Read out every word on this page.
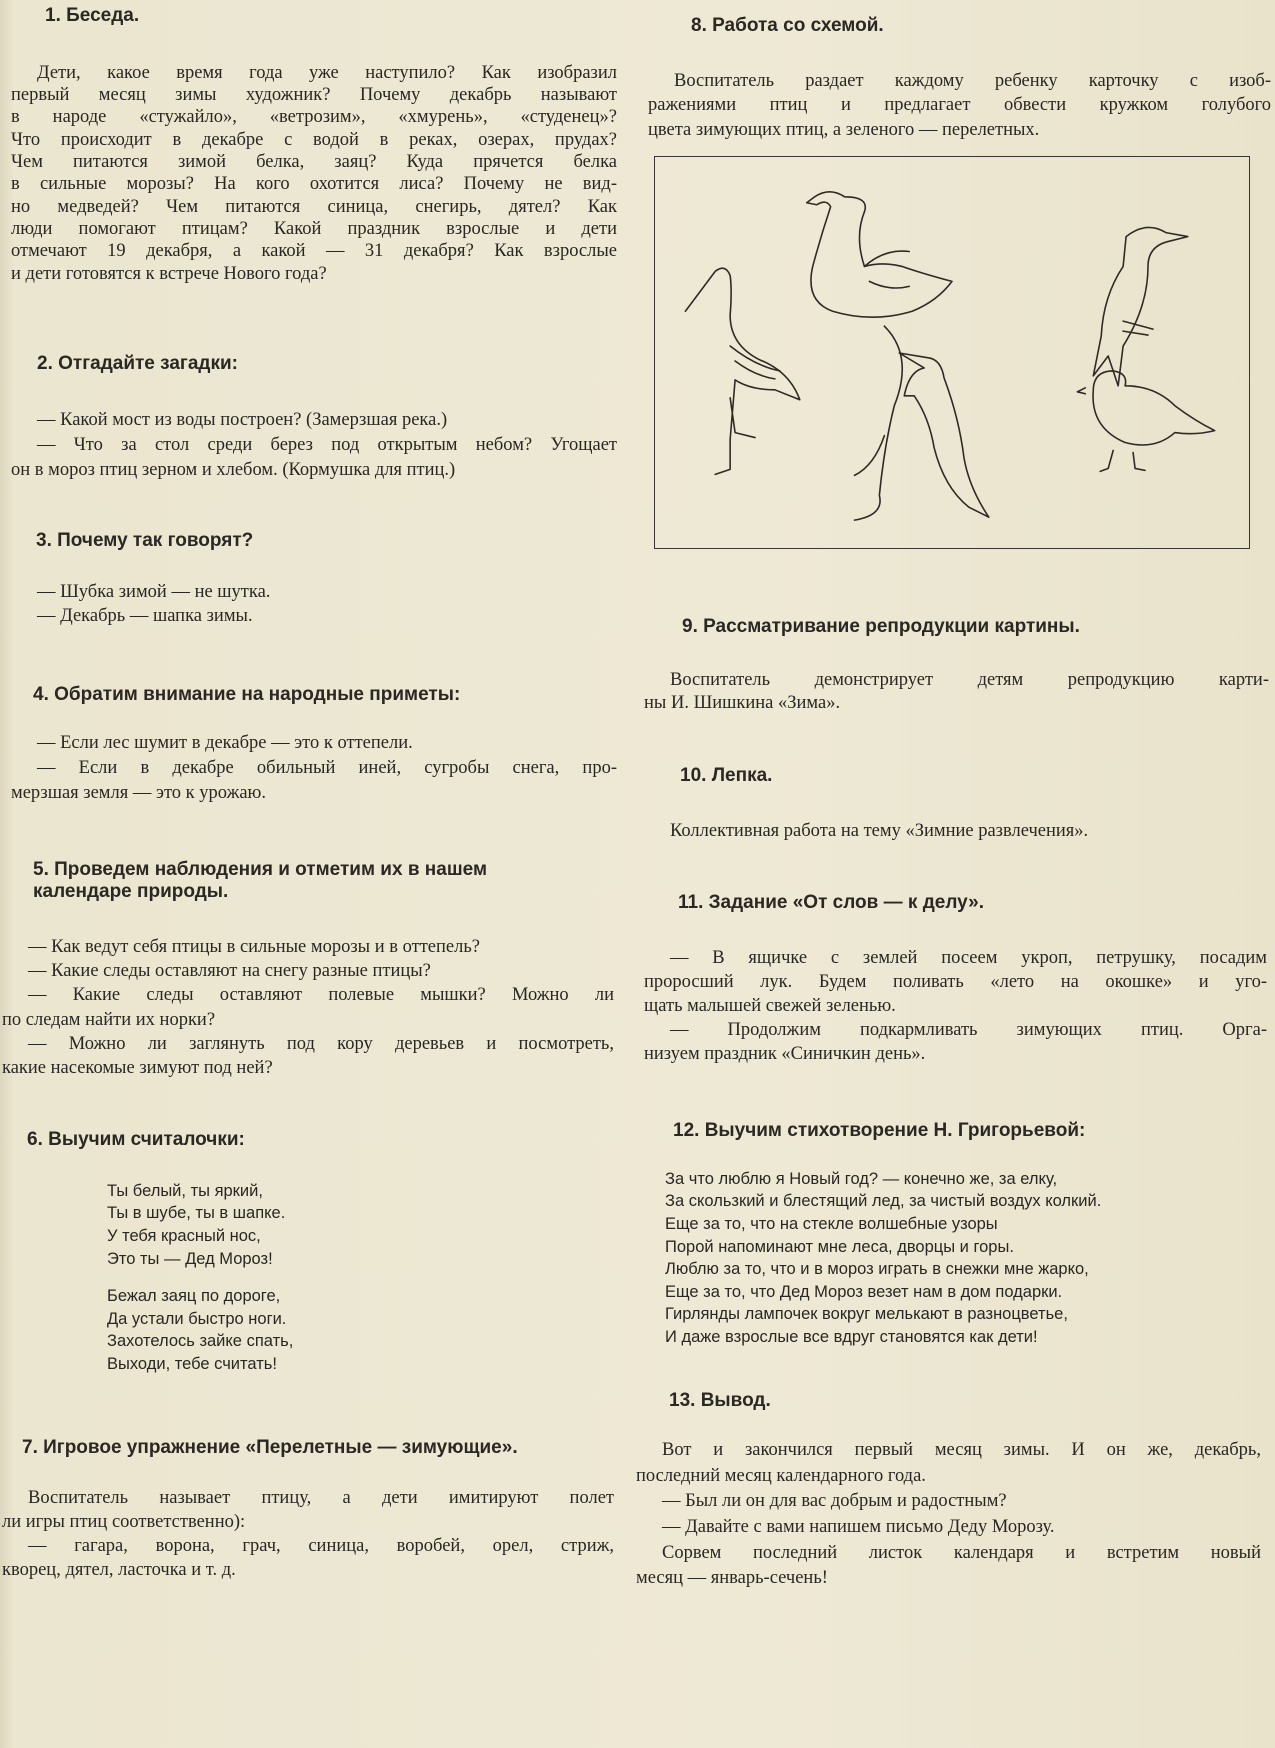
1. Беседа.
Дети, какое время года уже наступило? Как изобразил
первый месяц зимы художник? Почему декабрь называют
в народе «стужайло», «ветрозим», «хмурень», «студенец»?
Что происходит в декабре с водой в реках, озерах, прудах?
Чем питаются зимой белка, заяц? Куда прячется белка
в сильные морозы? На кого охотится лиса? Почему не вид-
но медведей? Чем питаются синица, снегирь, дятел? Как
люди помогают птицам? Какой праздник взрослые и дети
отмечают 19 декабря, а какой — 31 декабря? Как взрослые
и дети готовятся к встрече Нового года?
2. Отгадайте загадки:
— Какой мост из воды построен? (Замерзшая река.)
— Что за стол среди берез под открытым небом? Угощает
он в мороз птиц зерном и хлебом. (Кормушка для птиц.)
3. Почему так говорят?
— Шубка зимой — не шутка.
— Декабрь — шапка зимы.
4. Обратим внимание на народные приметы:
— Если лес шумит в декабре — это к оттепели.
— Если в декабре обильный иней, сугробы снега, про-
мерзшая земля — это к урожаю.
5. Проведем наблюдения и отметим их в нашем
календаре природы.
— Как ведут себя птицы в сильные морозы и в оттепель?
— Какие следы оставляют на снегу разные птицы?
— Какие следы оставляют полевые мышки? Можно ли
по следам найти их норки?
— Можно ли заглянуть под кору деревьев и посмотреть,
какие насекомые зимуют под ней?
6. Выучим считалочки:
Ты белый, ты яркий,
Ты в шубе, ты в шапке.
У тебя красный нос,
Это ты — Дед Мороз!
Бежал заяц по дороге,
Да устали быстро ноги.
Захотелось зайке спать,
Выходи, тебе считать!
7. Игровое упражнение «Перелетные — зимующие».
Воспитатель называет птицу, а дети имитируют полет
ли игры птиц соответственно):
— гагара, ворона, грач, синица, воробей, орел, стриж,
кворец, дятел, ласточка и т. д.
8. Работа со схемой.
Воспитатель раздает каждому ребенку карточку с изоб-
ражениями птиц и предлагает обвести кружком голубого
цвета зимующих птиц, а зеленого — перелетных.
9. Рассматривание репродукции картины.
Воспитатель демонстрирует детям репродукцию карти-
ны И. Шишкина «Зима».
10. Лепка.
Коллективная работа на тему «Зимние развлечения».
11. Задание «От слов — к делу».
— В ящичке с землей посеем укроп, петрушку, посадим
проросший лук. Будем поливать «лето на окошке» и уго-
щать малышей свежей зеленью.
— Продолжим подкармливать зимующих птиц. Орга-
низуем праздник «Синичкин день».
12. Выучим стихотворение Н. Григорьевой:
За что люблю я Новый год? — конечно же, за елку,
За скользкий и блестящий лед, за чистый воздух колкий.
Еще за то, что на стекле волшебные узоры
Порой напоминают мне леса, дворцы и горы.
Люблю за то, что и в мороз играть в снежки мне жарко,
Еще за то, что Дед Мороз везет нам в дом подарки.
Гирлянды лампочек вокруг мелькают в разноцветье,
И даже взрослые все вдруг становятся как дети!
13. Вывод.
Вот и закончился первый месяц зимы. И он же, декабрь,
последний месяц календарного года.
— Был ли он для вас добрым и радостным?
— Давайте с вами напишем письмо Деду Морозу.
Сорвем последний листок календаря и встретим новый
месяц — январь-сечень!
